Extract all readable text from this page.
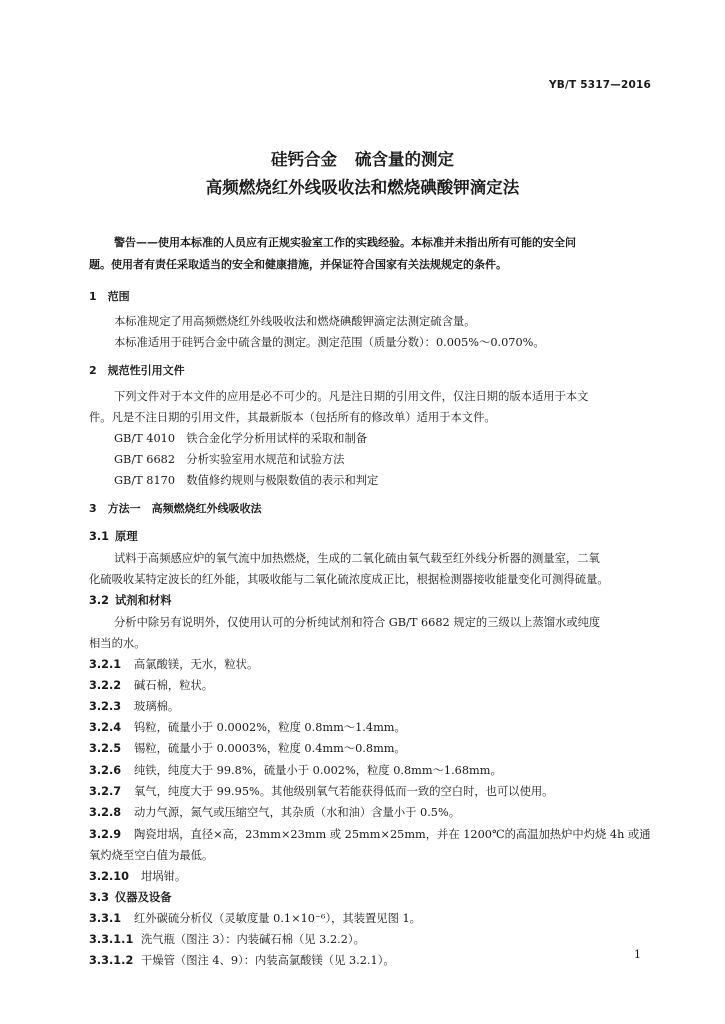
YB/T 5317—2016
硅钙合金 硫含量的测定
高频燃烧红外线吸收法和燃烧碘酸钾滴定法
警告——使用本标准的人员应有正规实验室工作的实践经验。本标准并未指出所有可能的安全问
题。使用者有责任采取适当的安全和健康措施，并保证符合国家有关法规规定的条件。
1　范围
本标准规定了用高频燃烧红外线吸收法和燃烧碘酸钾滴定法测定硫含量。
本标准适用于硅钙合金中硫含量的测定。测定范围（质量分数）：0.005%～0.070%。
2　规范性引用文件
下列文件对于本文件的应用是必不可少的。凡是注日期的引用文件，仅注日期的版本适用于本文
件。凡是不注日期的引用文件，其最新版本（包括所有的修改单）适用于本文件。
GB/T 4010　铁合金化学分析用试样的采取和制备
GB/T 6682　分析实验室用水规范和试验方法
GB/T 8170　数值修约规则与极限数值的表示和判定
3　方法一　高频燃烧红外线吸收法
3.1 原理
试料于高频感应炉的氧气流中加热燃烧，生成的二氧化硫由氧气载至红外线分析器的测量室，二氧
化硫吸收某特定波长的红外能，其吸收能与二氧化硫浓度成正比，根据检测器接收能量变化可测得硫量。
3.2 试剂和材料
分析中除另有说明外，仅使用认可的分析纯试剂和符合 GB/T 6682 规定的三级以上蒸馏水或纯度
相当的水。
3.2.1 高氯酸镁，无水，粒状。
3.2.2 碱石棉，粒状。
3.2.3 玻璃棉。
3.2.4 钨粒，硫量小于 0.0002%，粒度 0.8mm～1.4mm。
3.2.5 锡粒，硫量小于 0.0003%，粒度 0.4mm～0.8mm。
3.2.6 纯铁，纯度大于 99.8%，硫量小于 0.002%，粒度 0.8mm～1.68mm。
3.2.7 氧气，纯度大于 99.95%。其他级别氧气若能获得低而一致的空白时，也可以使用。
3.2.8 动力气源，氮气或压缩空气，其杂质（水和油）含量小于 0.5%。
3.2.9 陶瓷坩埚，直径×高，23mm×23mm 或 25mm×25mm，并在 1200℃的高温加热炉中灼烧 4h 或通
氧灼烧至空白值为最低。
3.2.10 坩埚钳。
3.3 仪器及设备
3.3.1 红外碳硫分析仪（灵敏度量 0.1×10⁻⁶），其装置见图 1。
3.3.1.1 洗气瓶（图注 3）：内装碱石棉（见 3.2.2）。
3.3.1.2 干燥管（图注 4、9）：内装高氯酸镁（见 3.2.1）。	1
